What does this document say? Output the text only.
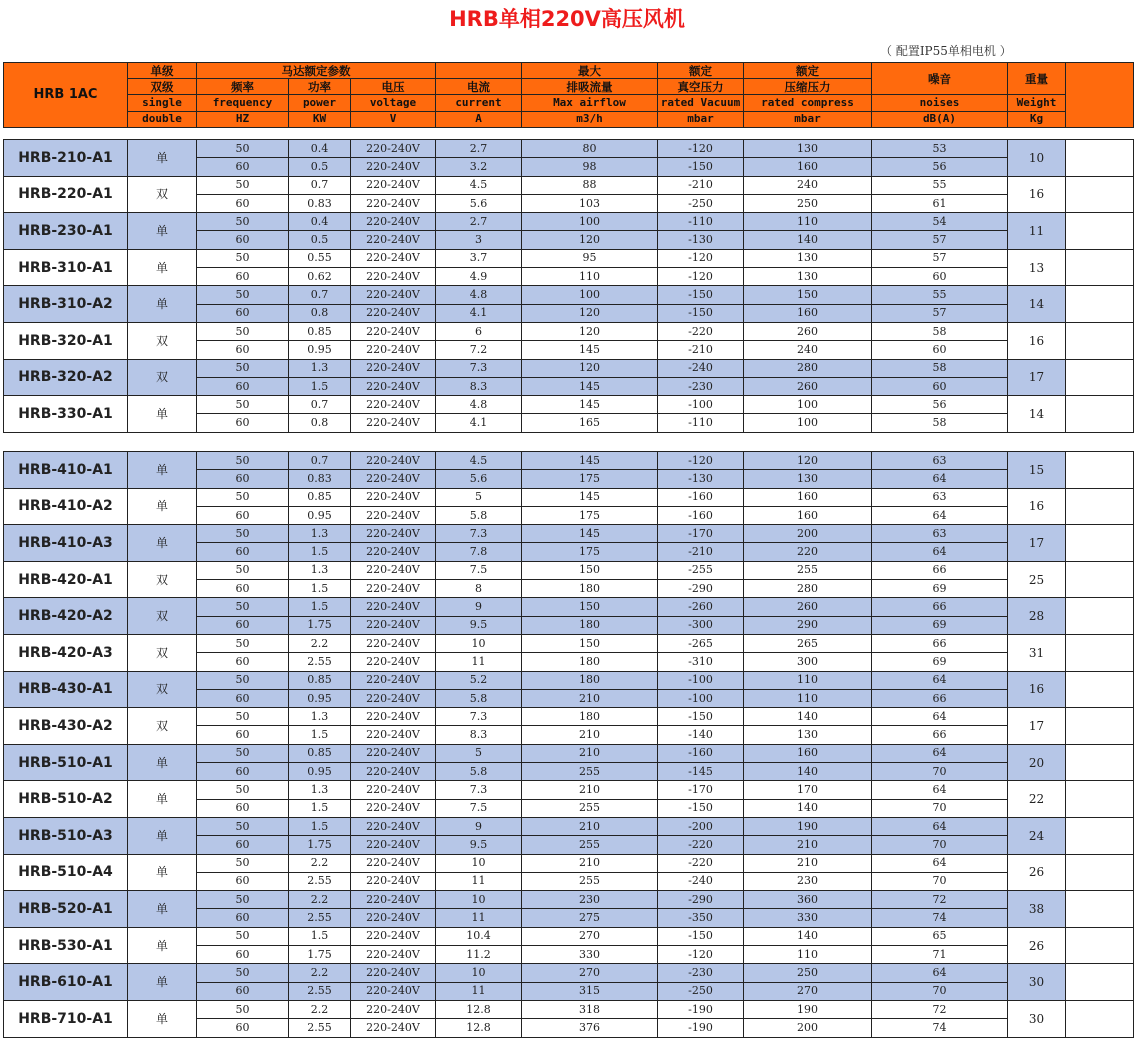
HRB单相220V高压风机
（ 配置IP55单相电机 ）
HRB 1AC	单级	马达额定参数				最大	额定	额定	噪音	重量	
	双级	频率	功率	电压	电流	排吸流量	真空压力	压缩压力			
	single	frequency	power	voltage	current	Max airflow	rated Vacuum	rated compress	noises	Weight	
	double	HZ	KW	V	A	m3/h	mbar	mbar	dB(A)	Kg	
HRB-210-A1	单	50	0.4	220-240V	2.7	80	-120	130	53	10	
		60	0.5	220-240V	3.2	98	-150	160	56		
HRB-220-A1	双	50	0.7	220-240V	4.5	88	-210	240	55	16	
		60	0.83	220-240V	5.6	103	-250	250	61		
HRB-230-A1	单	50	0.4	220-240V	2.7	100	-110	110	54	11	
		60	0.5	220-240V	3	120	-130	140	57		
HRB-310-A1	单	50	0.55	220-240V	3.7	95	-120	130	57	13	
		60	0.62	220-240V	4.9	110	-120	130	60		
HRB-310-A2	单	50	0.7	220-240V	4.8	100	-150	150	55	14	
		60	0.8	220-240V	4.1	120	-150	160	57		
HRB-320-A1	双	50	0.85	220-240V	6	120	-220	260	58	16	
		60	0.95	220-240V	7.2	145	-210	240	60		
HRB-320-A2	双	50	1.3	220-240V	7.3	120	-240	280	58	17	
		60	1.5	220-240V	8.3	145	-230	260	60		
HRB-330-A1	单	50	0.7	220-240V	4.8	145	-100	100	56	14	
		60	0.8	220-240V	4.1	165	-110	100	58		
HRB-410-A1	单	50	0.7	220-240V	4.5	145	-120	120	63	15	
		60	0.83	220-240V	5.6	175	-130	130	64		
HRB-410-A2	单	50	0.85	220-240V	5	145	-160	160	63	16	
		60	0.95	220-240V	5.8	175	-160	160	64		
HRB-410-A3	单	50	1.3	220-240V	7.3	145	-170	200	63	17	
		60	1.5	220-240V	7.8	175	-210	220	64		
HRB-420-A1	双	50	1.3	220-240V	7.5	150	-255	255	66	25	
		60	1.5	220-240V	8	180	-290	280	69		
HRB-420-A2	双	50	1.5	220-240V	9	150	-260	260	66	28	
		60	1.75	220-240V	9.5	180	-300	290	69		
HRB-420-A3	双	50	2.2	220-240V	10	150	-265	265	66	31	
		60	2.55	220-240V	11	180	-310	300	69		
HRB-430-A1	双	50	0.85	220-240V	5.2	180	-100	110	64	16	
		60	0.95	220-240V	5.8	210	-100	110	66		
HRB-430-A2	双	50	1.3	220-240V	7.3	180	-150	140	64	17	
		60	1.5	220-240V	8.3	210	-140	130	66		
HRB-510-A1	单	50	0.85	220-240V	5	210	-160	160	64	20	
		60	0.95	220-240V	5.8	255	-145	140	70		
HRB-510-A2	单	50	1.3	220-240V	7.3	210	-170	170	64	22	
		60	1.5	220-240V	7.5	255	-150	140	70		
HRB-510-A3	单	50	1.5	220-240V	9	210	-200	190	64	24	
		60	1.75	220-240V	9.5	255	-220	210	70		
HRB-510-A4	单	50	2.2	220-240V	10	210	-220	210	64	26	
		60	2.55	220-240V	11	255	-240	230	70		
HRB-520-A1	单	50	2.2	220-240V	10	230	-290	360	72	38	
		60	2.55	220-240V	11	275	-350	330	74		
HRB-530-A1	单	50	1.5	220-240V	10.4	270	-150	140	65	26	
		60	1.75	220-240V	11.2	330	-120	110	71		
HRB-610-A1	单	50	2.2	220-240V	10	270	-230	250	64	30	
		60	2.55	220-240V	11	315	-250	270	70		
HRB-710-A1	单	50	2.2	220-240V	12.8	318	-190	190	72	30	
		60	2.55	220-240V	12.8	376	-190	200	74		
